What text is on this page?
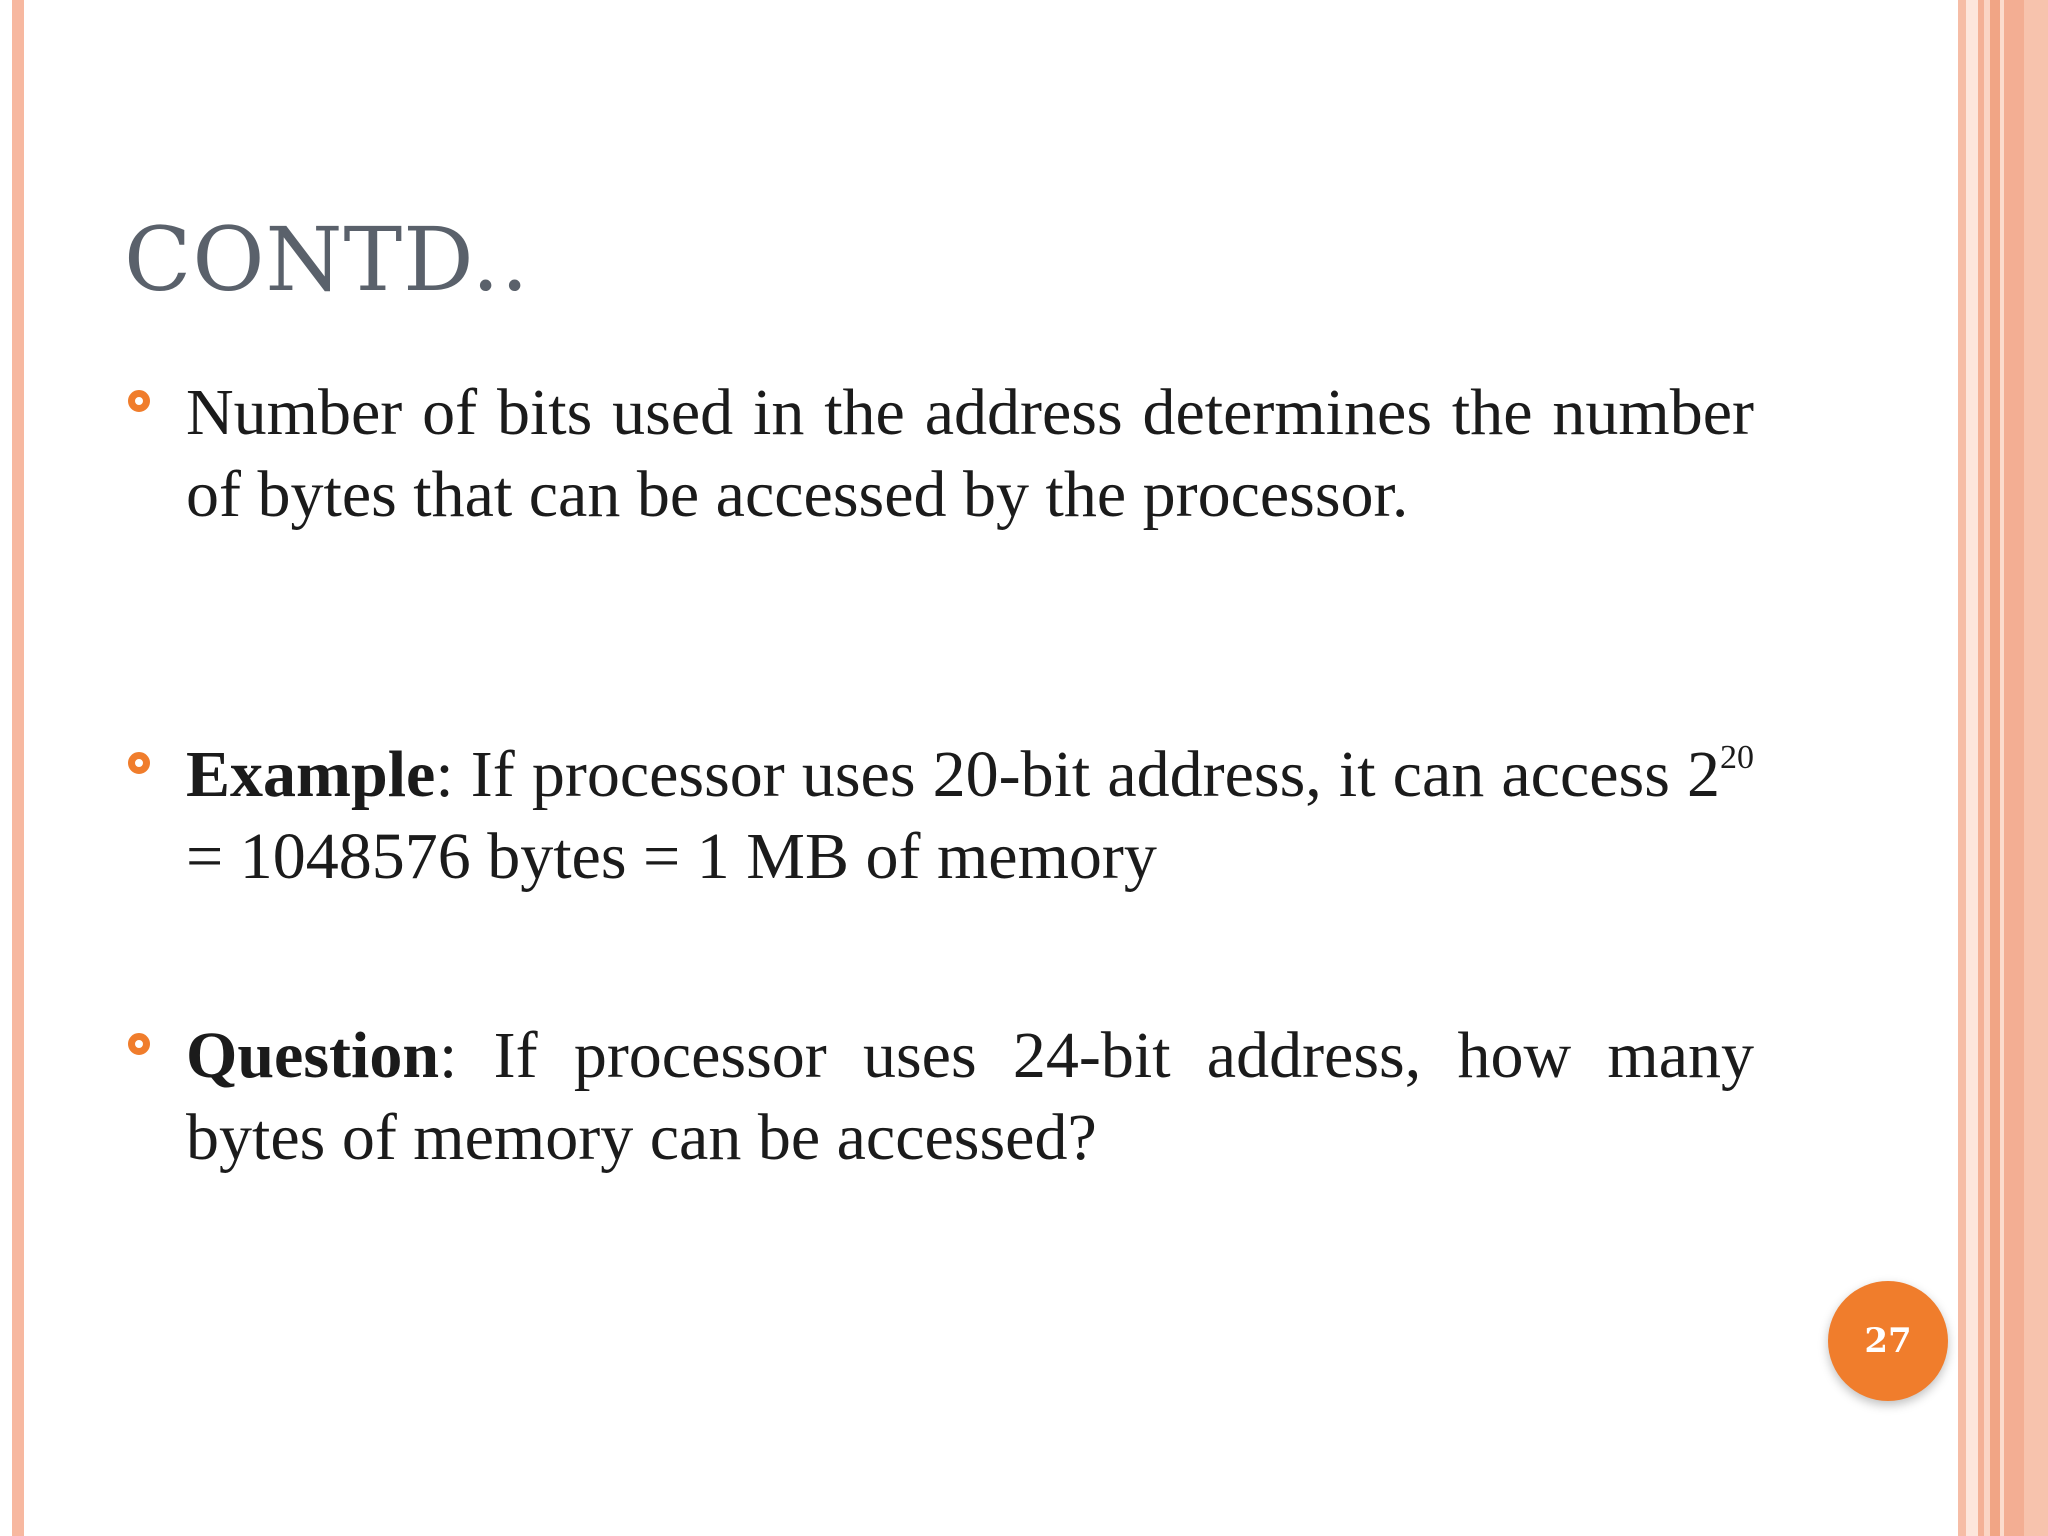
CONTD..
Number of bits used in the address determines the number of bytes that can be accessed by the processor.
Example: If processor uses 20-bit address, it can access $2^{20} = 1048576$ bytes = 1 MB of memory
Question: If processor uses 24-bit address, how many bytes of memory can be accessed?
27
